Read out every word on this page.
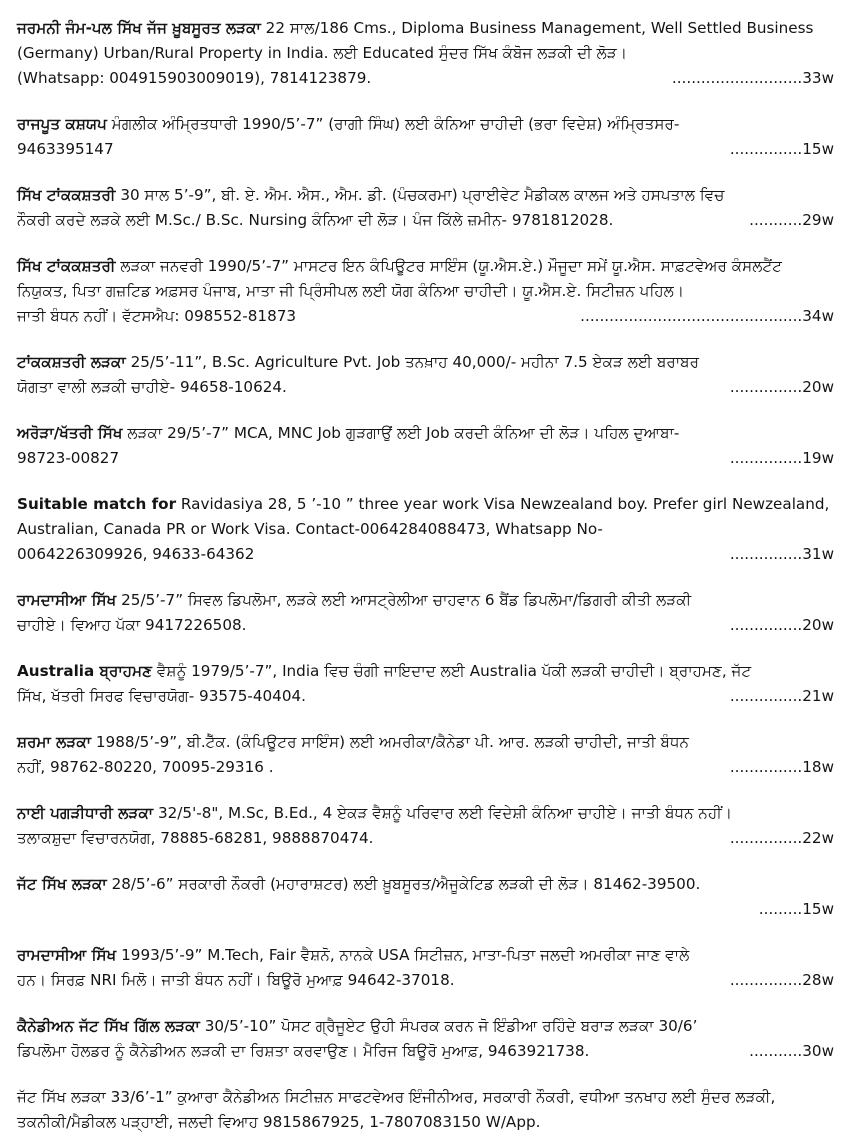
ਜਰਮਨੀ ਜੰਮ-ਪਲ ਸਿੱਖ ਜੱਜ ਖ਼ੂਬਸੂਰਤ ਲੜਕਾ 22 ਸਾਲ/186 Cms., Diploma Business Management, Well Settled Business (Germany) Urban/Rural Property in India. ਲਈ Educated ਸੁੰਦਰ ਸਿੱਖ ਕੰਬੋਜ ਲੜਕੀ ਦੀ ਲੋੜ।
(Whatsapp: 004915903009019), 7814123879.	...........................33w
ਰਾਜਪੂਤ ਕਸ਼ਯਪ ਮੰਗਲੀਕ ਅੰਮ੍ਰਿਤਧਾਰੀ 1990/5’-7” (ਰਾਗੀ ਸਿੰਘ) ਲਈ ਕੰਨਿਆ ਚਾਹੀਦੀ (ਭਰਾ ਵਿਦੇਸ਼) ਅੰਮ੍ਰਿਤਸਰ-
9463395147	...............15w
ਸਿੱਖ ਟਾਂਕਕਸ਼ਤਰੀ 30 ਸਾਲ 5’-9”, ਬੀ. ਏ. ਐਮ. ਐਸ., ਐਮ. ਡੀ. (ਪੰਚਕਰਮਾ) ਪ੍ਰਾਈਵੇਟ ਮੈਡੀਕਲ ਕਾਲਜ ਅਤੇ ਹਸਪਤਾਲ ਵਿਚ
ਨੌਕਰੀ ਕਰਦੇ ਲੜਕੇ ਲਈ M.Sc./ B.Sc. Nursing ਕੰਨਿਆ ਦੀ ਲੋੜ। ਪੰਜ ਕਿੱਲੇ ਜ਼ਮੀਨ- 9781812028.	...........29w
ਸਿੱਖ ਟਾਂਕਕਸ਼ਤਰੀ ਲੜਕਾ ਜਨਵਰੀ 1990/5’-7” ਮਾਸਟਰ ਇਨ ਕੰਪਿਊਟਰ ਸਾਇੰਸ (ਯੂ.ਐਸ.ਏ.) ਮੌਜੂਦਾ ਸਮੇਂ ਯੂ.ਐਸ. ਸਾਫ਼ਟਵੇਅਰ ਕੰਸਲਟੈਂਟ ਨਿਯੁਕਤ, ਪਿਤਾ ਗਜ਼ਟਿਡ ਅਫ਼ਸਰ ਪੰਜਾਬ, ਮਾਤਾ ਜੀ ਪ੍ਰਿੰਸੀਪਲ ਲਈ ਯੋਗ ਕੰਨਿਆ ਚਾਹੀਦੀ। ਯੂ.ਐਸ.ਏ. ਸਿਟੀਜ਼ਨ ਪਹਿਲ।
ਜਾਤੀ ਬੰਧਨ ਨਹੀਂ। ਵੱਟਸਐਪ: 098552-81873	..............................................34w
ਟਾਂਕਕਸ਼ਤਰੀ ਲੜਕਾ 25/5’-11”, B.Sc. Agriculture Pvt. Job ਤਨਖ਼ਾਹ 40,000/- ਮਹੀਨਾ 7.5 ਏਕੜ ਲਈ ਬਰਾਬਰ
ਯੋਗਤਾ ਵਾਲੀ ਲੜਕੀ ਚਾਹੀਏ- 94658-10624.	...............20w
ਅਰੋੜਾ/ਖੱਤਰੀ ਸਿੱਖ ਲੜਕਾ 29/5’-7” MCA, MNC Job ਗੁੜਗਾਉਂ ਲਈ Job ਕਰਦੀ ਕੰਨਿਆ ਦੀ ਲੋੜ। ਪਹਿਲ ਦੁਆਬਾ-
98723-00827	...............19w
Suitable match for Ravidasiya 28, 5 ’-10 ” three year work Visa Newzealand boy. Prefer girl Newzealand, Australian, Canada PR or Work Visa. Contact-0064284088473, Whatsapp No-
0064226309926, 94633-64362	...............31w
ਰਾਮਦਾਸੀਆ ਸਿੱਖ 25/5’-7” ਸਿਵਲ ਡਿਪਲੋਮਾ, ਲੜਕੇ ਲਈ ਆਸਟ੍ਰੇਲੀਆ ਚਾਹਵਾਨ 6 ਬੈਂਡ ਡਿਪਲੋਮਾ/ਡਿਗਰੀ ਕੀਤੀ ਲੜਕੀ
ਚਾਹੀਏ। ਵਿਆਹ ਪੱਕਾ 9417226508.	...............20w
Australia ਬ੍ਰਾਹਮਣ ਵੈਸ਼ਨੂੰ 1979/5’-7”, India ਵਿਚ ਚੰਗੀ ਜਾਇਦਾਦ ਲਈ Australia ਪੱਕੀ ਲੜਕੀ ਚਾਹੀਦੀ। ਬ੍ਰਾਹਮਣ, ਜੱਟ
ਸਿੱਖ, ਖੱਤਰੀ ਸਿਰਫ ਵਿਚਾਰਯੋਗ- 93575-40404.	...............21w
ਸ਼ਰਮਾ ਲੜਕਾ 1988/5’-9”, ਬੀ.ਟੈੱਕ. (ਕੰਪਿਊਟਰ ਸਾਇੰਸ) ਲਈ ਅਮਰੀਕਾ/ਕੈਨੇਡਾ ਪੀ. ਆਰ. ਲੜਕੀ ਚਾਹੀਦੀ, ਜਾਤੀ ਬੰਧਨ
ਨਹੀਂ, 98762-80220, 70095-29316 .	...............18w
ਨਾਈ ਪਗੜੀਧਾਰੀ ਲੜਕਾ 32/5'-8", M.Sc, B.Ed., 4 ਏਕੜ ਵੈਸ਼ਨੂੰ ਪਰਿਵਾਰ ਲਈ ਵਿਦੇਸ਼ੀ ਕੰਨਿਆ ਚਾਹੀਏ। ਜਾਤੀ ਬੰਧਨ ਨਹੀਂ।
ਤਲਾਕਸ਼ੁਦਾ ਵਿਚਾਰਨਯੋਗ, 78885-68281, 9888870474.	...............22w
ਜੱਟ ਸਿੱਖ ਲੜਕਾ 28/5’-6” ਸਰਕਾਰੀ ਨੌਕਰੀ (ਮਹਾਰਾਸ਼ਟਰ) ਲਈ ਖ਼ੂਬਸੂਰਤ/ਐਜੂਕੇਟਿਡ ਲੜਕੀ ਦੀ ਲੋੜ। 81462-39500.
.........15w
ਰਾਮਦਾਸੀਆ ਸਿੱਖ 1993/5’-9” M.Tech, Fair ਵੈਸ਼ਨੋ, ਨਾਨਕੇ USA ਸਿਟੀਜ਼ਨ, ਮਾਤਾ-ਪਿਤਾ ਜਲਦੀ ਅਮਰੀਕਾ ਜਾਣ ਵਾਲੇ
ਹਨ। ਸਿਰਫ਼ NRI ਮਿਲੋ। ਜਾਤੀ ਬੰਧਨ ਨਹੀਂ। ਬਿਊਰੋ ਮੁਆਫ਼ 94642-37018.	...............28w
ਕੈਨੇਡੀਅਨ ਜੱਟ ਸਿੱਖ ਗਿੱਲ ਲੜਕਾ 30/5’-10” ਪੋਸਟ ਗ੍ਰੈਜੂਏਟ ਉਹੀ ਸੰਪਰਕ ਕਰਨ ਜੋ ਇੰਡੀਆ ਰਹਿੰਦੇ ਬਰਾੜ ਲੜਕਾ 30/6’
ਡਿਪਲੋਮਾ ਹੋਲਡਰ ਨੂੰ ਕੈਨੇਡੀਅਨ ਲੜਕੀ ਦਾ ਰਿਸ਼ਤਾ ਕਰਵਾਉਣ। ਮੈਰਿਜ ਬਿਊਰੋ ਮੁਆਫ਼, 9463921738.	...........30w
ਜੱਟ ਸਿੱਖ ਲੜਕਾ 33/6’-1” ਕੁਆਰਾ ਕੈਨੇਡੀਅਨ ਸਿਟੀਜ਼ਨ ਸਾਫਟਵੇਅਰ ਇੰਜੀਨੀਅਰ, ਸਰਕਾਰੀ ਨੌਕਰੀ, ਵਧੀਆ ਤਨਖਾਹ ਲਈ ਸੁੰਦਰ ਲੜਕੀ, ਤਕਨੀਕੀ/ਮੈਡੀਕਲ ਪੜ੍ਹਾਈ, ਜਲਦੀ ਵਿਆਹ 9815867925, 1-7807083150 W/App.
